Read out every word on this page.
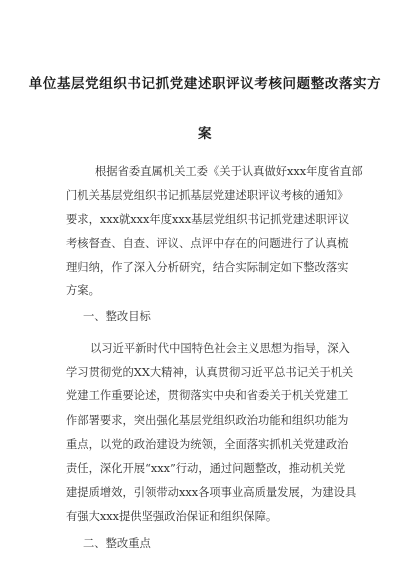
单位基层党组织书记抓党建述职评议考核问题整改落实方
案
根据省委直属机关工委《关于认真做好xxx年度省直部
门机关基层党组织书记抓基层党建述职评议考核的通知》
要求，xxx就xxx年度xxx基层党组织书记抓党建述职评议
考核督查、自查、评议、点评中存在的问题进行了认真梳
理归纳，作了深入分析研究，结合实际制定如下整改落实
方案。
一、整改目标
以习近平新时代中国特色社会主义思想为指导，深入
学习贯彻党的XX大精神，认真贯彻习近平总书记关于机关
党建工作重要论述，贯彻落实中央和省委关于机关党建工
作部署要求，突出强化基层党组织政治功能和组织功能为
重点，以党的政治建设为统领，全面落实抓机关党建政治
责任，深化开展“xxx”行动，通过问题整改，推动机关党
建提质增效，引领带动xxx各项事业高质量发展，为建设具
有强大xxx提供坚强政治保证和组织保障。
二、整改重点
